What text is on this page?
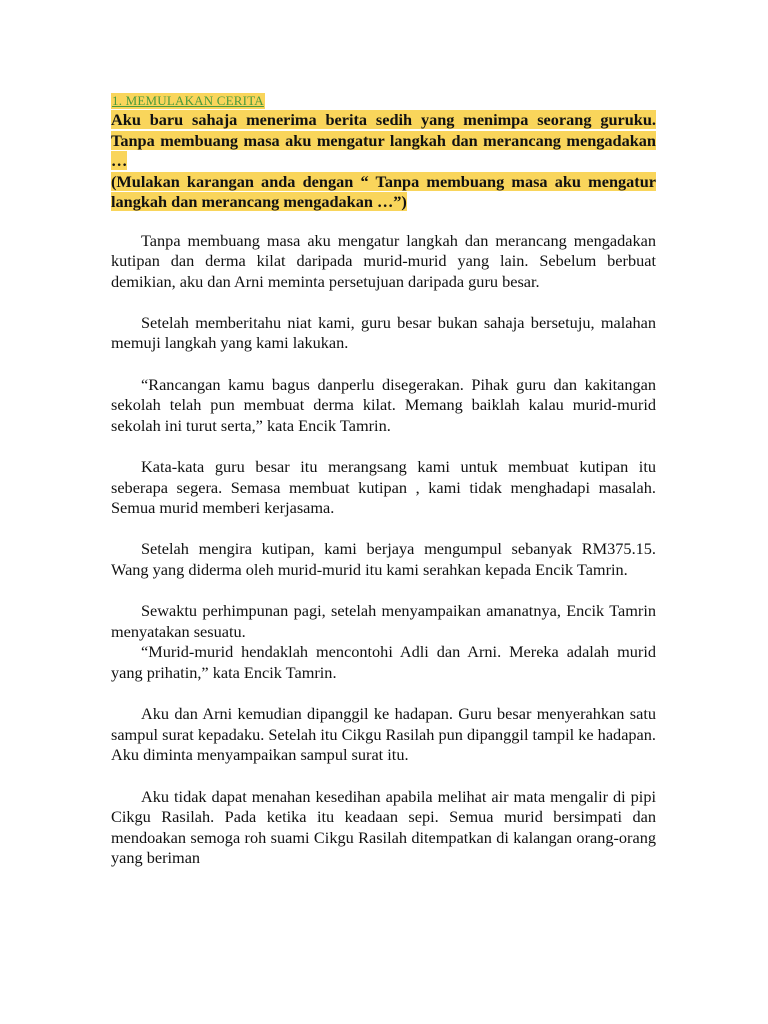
1. MEMULAKAN CERITA

Aku baru sahaja menerima berita sedih yang menimpa seorang guruku. Tanpa membuang masa aku mengatur langkah dan merancang mengadakan …
(Mulakan karangan anda dengan “ Tanpa membuang masa aku mengatur langkah dan merancang mengadakan …”)

Tanpa membuang masa aku mengatur langkah dan merancang mengadakan kutipan dan derma kilat daripada murid-murid yang lain. Sebelum berbuat demikian, aku dan Arni meminta persetujuan daripada guru besar.

Setelah memberitahu niat kami, guru besar bukan sahaja bersetuju, malahan memuji langkah yang kami lakukan.

“Rancangan kamu bagus danperlu disegerakan. Pihak guru dan kakitangan sekolah telah pun membuat derma kilat. Memang baiklah kalau murid-murid sekolah ini turut serta,” kata Encik Tamrin.

Kata-kata guru besar itu merangsang kami untuk membuat kutipan itu seberapa segera. Semasa membuat kutipan , kami tidak menghadapi masalah. Semua murid memberi kerjasama.

Setelah mengira kutipan, kami berjaya mengumpul sebanyak RM375.15. Wang yang diderma oleh murid-murid itu kami serahkan kepada Encik Tamrin.

Sewaktu perhimpunan pagi, setelah menyampaikan amanatnya, Encik Tamrin menyatakan sesuatu.

“Murid-murid hendaklah mencontohi Adli dan Arni. Mereka adalah murid yang prihatin,” kata Encik Tamrin.

Aku dan Arni kemudian dipanggil ke hadapan. Guru besar menyerahkan satu sampul surat kepadaku. Setelah itu Cikgu Rasilah pun dipanggil tampil ke hadapan. Aku diminta menyampaikan sampul surat itu.

Aku tidak dapat menahan kesedihan apabila melihat air mata mengalir di pipi Cikgu Rasilah. Pada ketika itu keadaan sepi. Semua murid bersimpati dan mendoakan semoga roh suami Cikgu Rasilah ditempatkan di kalangan orang-orang yang beriman
